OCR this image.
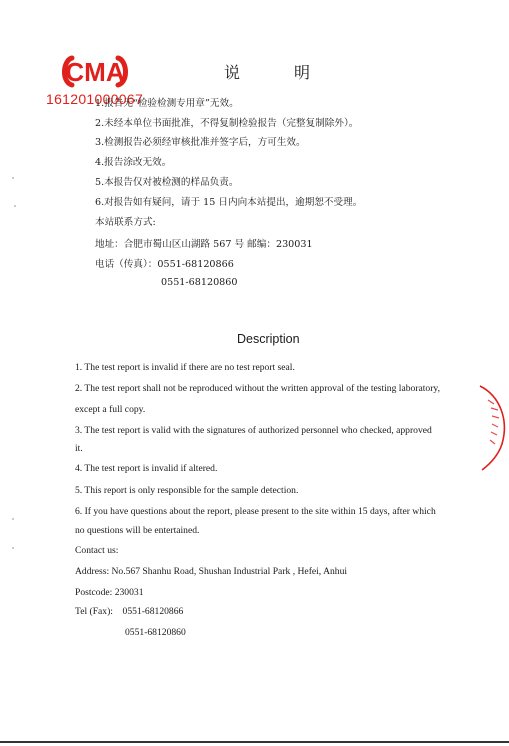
CMA
161201000067
说	明
1.报告无“检验检测专用章”无效。
2.未经本单位书面批准，不得复制检验报告（完整复制除外）。
3.检测报告必须经审核批准并签字后，方可生效。
4.报告涂改无效。
5.本报告仅对被检测的样品负责。
6.对报告如有疑问，请于 15 日内向本站提出，逾期恕不受理。
本站联系方式:
地址：合肥市蜀山区山湖路 567 号 邮编：230031
电话（传真）：0551-68120866
0551-68120860
Description
1. The test report is invalid if there are no test report seal.
2. The test report shall not be reproduced without the written approval of the testing laboratory,
except a full copy.
3. The test report is valid with the signatures of authorized personnel who checked, approved
it.
4. The test report is invalid if altered.
5. This report is only responsible for the sample detection.
6. If you have questions about the report, please present to the site within 15 days, after which
no questions will be entertained.
Contact us:
Address: No.567 Shanhu Road, Shushan Industrial Park , Hefei, Anhui
Postcode: 230031
Tel (Fax):    0551-68120866
0551-68120860
